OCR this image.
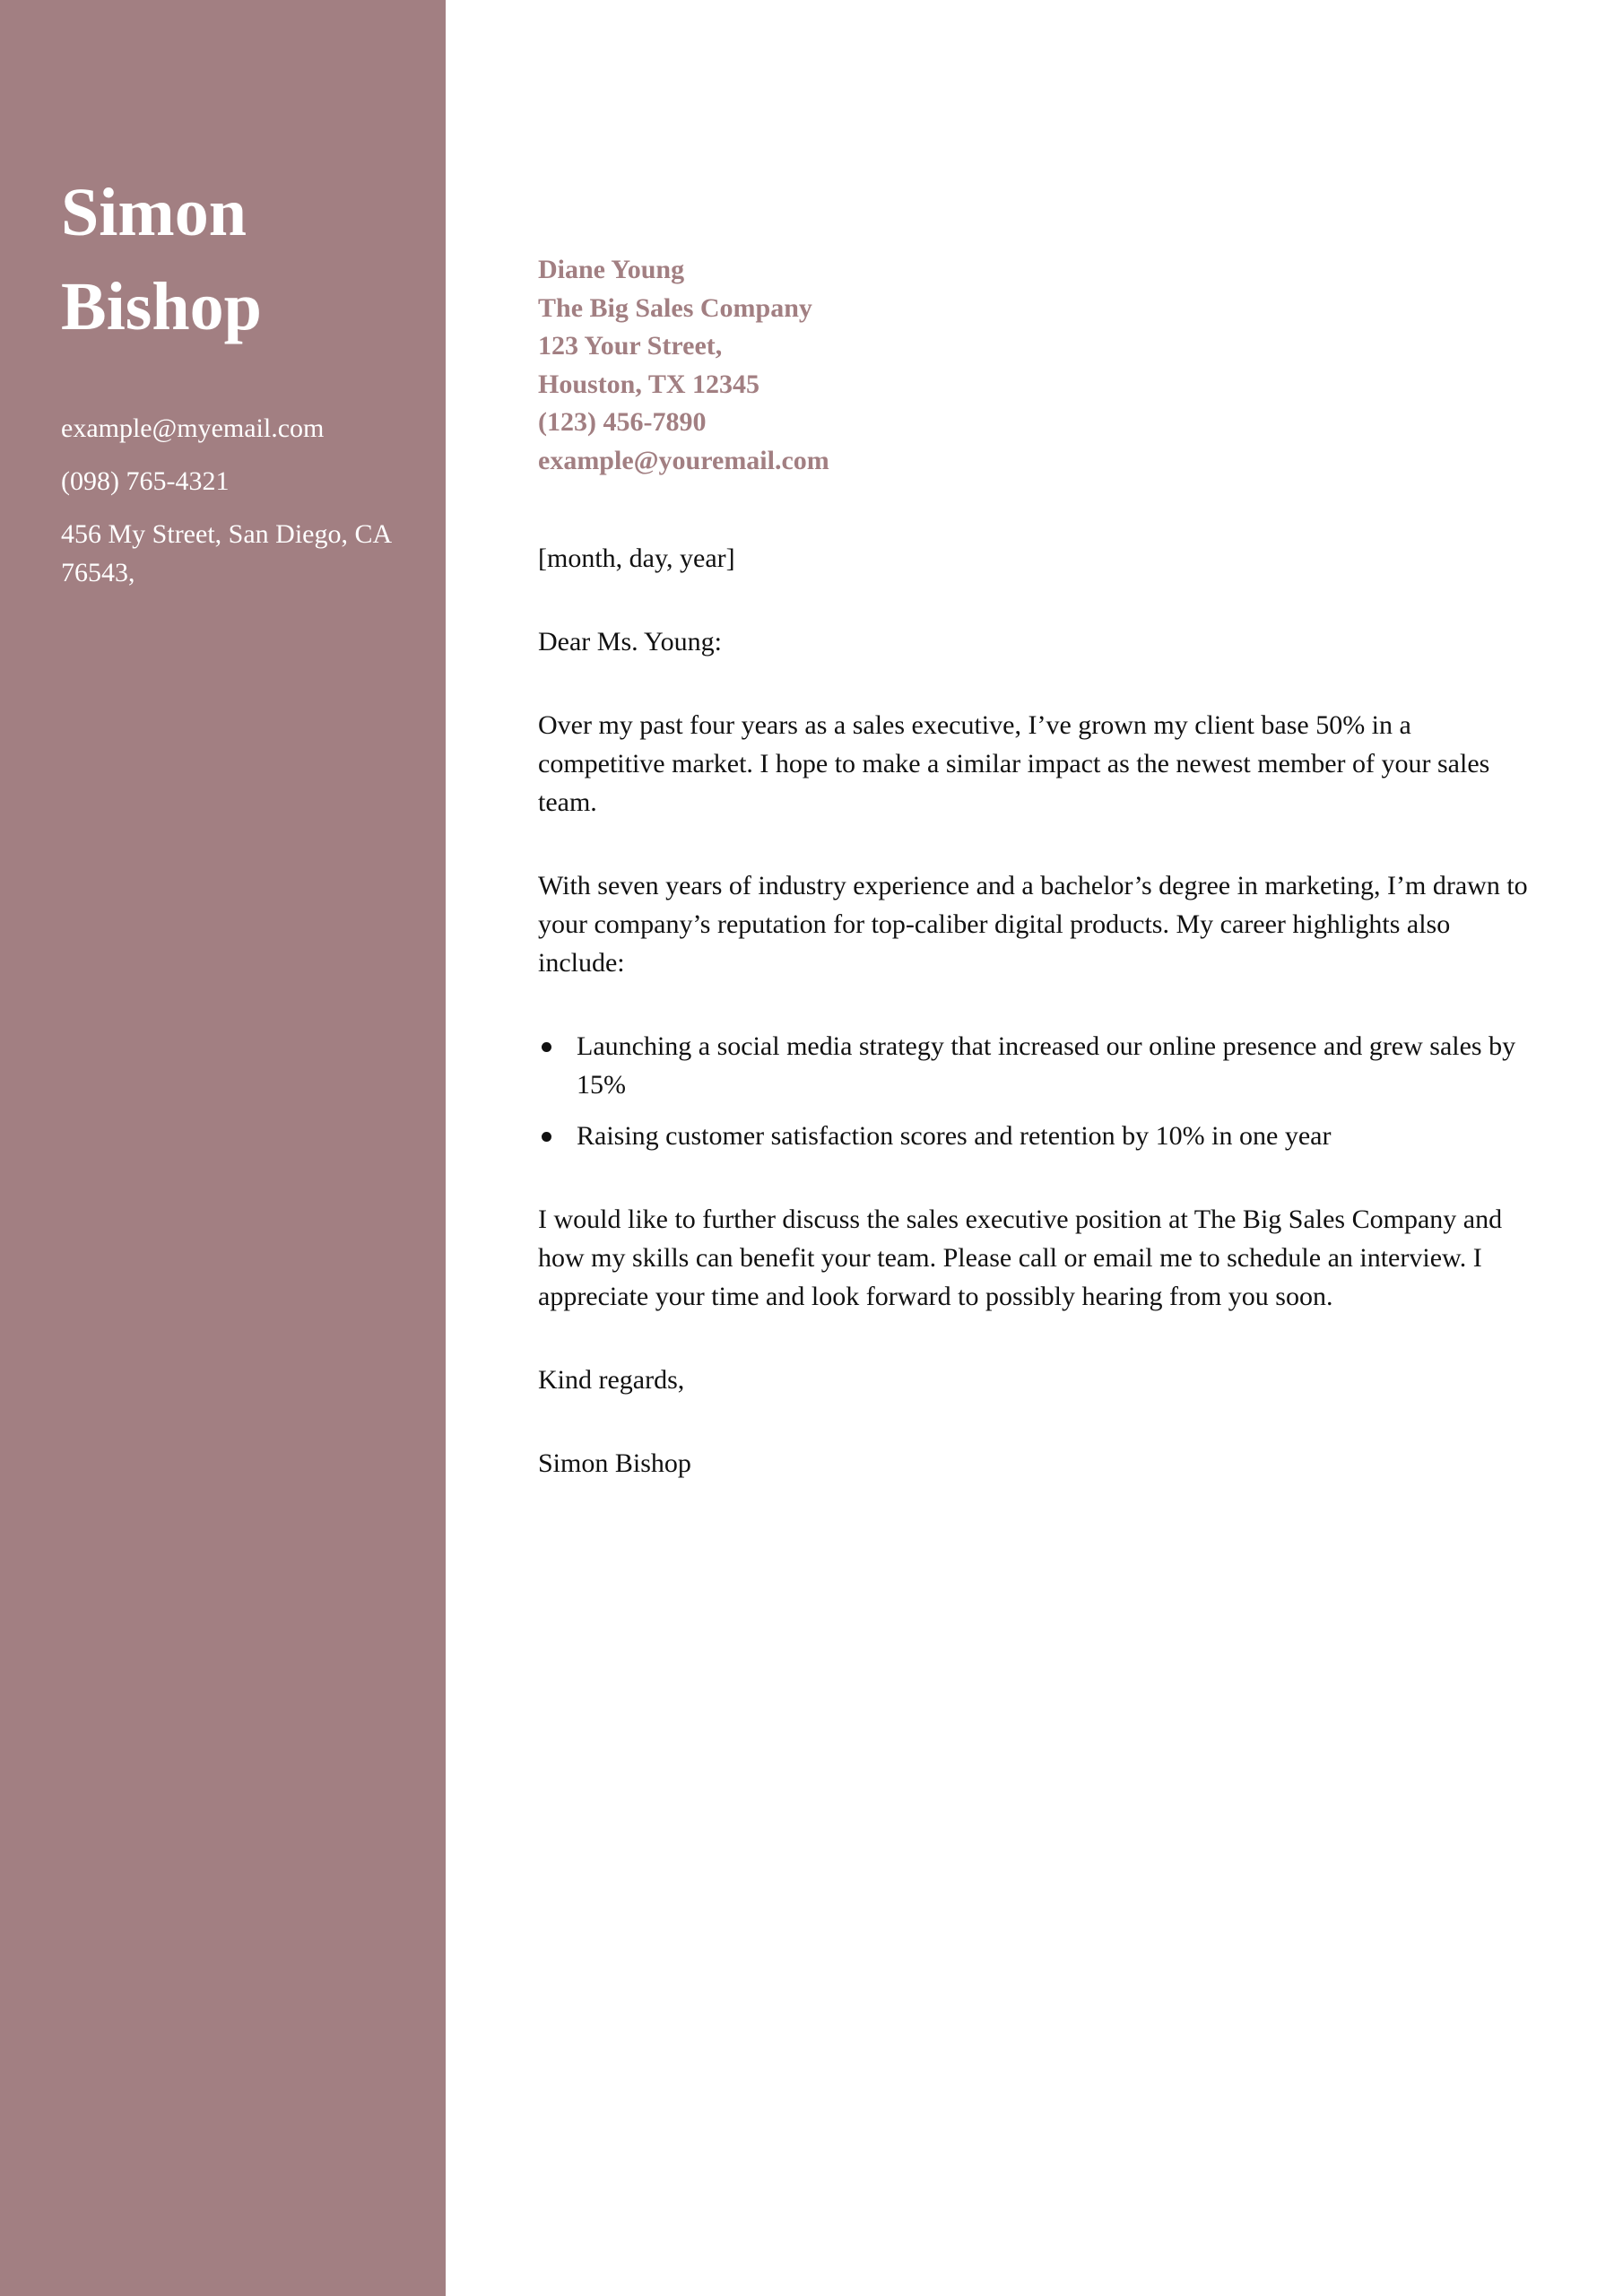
Simon
Bishop
example@myemail.com
(098) 765-4321
456 My Street, San Diego, CA 76543,
Diane Young
The Big Sales Company
123 Your Street,
Houston, TX 12345
(123) 456-7890
example@youremail.com

[month, day, year]

Dear Ms. Young:

Over my past four years as a sales executive, I’ve grown my client base 50% in a competitive market. I hope to make a similar impact as the newest member of your sales team.

With seven years of industry experience and a bachelor’s degree in marketing, I’m drawn to your company’s reputation for top-caliber digital products. My career highlights also include:

Launching a social media strategy that increased our online presence and grew sales by 15%
Raising customer satisfaction scores and retention by 10% in one year

I would like to further discuss the sales executive position at The Big Sales Company and how my skills can benefit your team. Please call or email me to schedule an interview. I appreciate your time and look forward to possibly hearing from you soon.

Kind regards,

Simon Bishop
